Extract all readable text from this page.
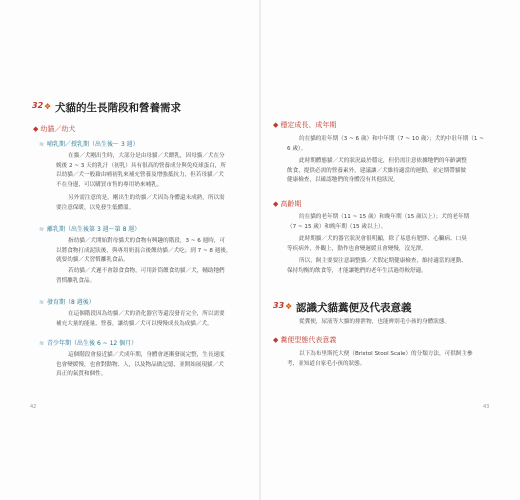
32 ❖ 犬貓的生長階段和營養需求
◆ 幼貓／幼犬
≋ 哺乳期／授乳期（出生後～ 3 週）
在貓／犬剛出生時，大部分是由母貓／犬餵乳，因母貓／犬在分
娩後 2 ~ 3 天的乳汁（初乳）具有很高的營養成分與免疫球蛋白，所
以幼貓／犬一般藉由哺初乳來補充營養及增強抵抗力，但若母貓／犬
不在身邊，可以購買市售的專用奶來哺乳。
另外需注意的是，剛出生的幼貓／犬因為身體還未成熟，所以需
要注意保暖，以免發生低體溫。
≋ 離乳期（出生後第 3 週～第 8 週）
指幼貓／犬開始對母貓犬的食物有興趣的階段，3 ~ 6 週時，可
以將食物打成泥狀後，與專用奶混合後餵幼貓／犬吃；到 7 ~ 8 週後，
就要幼貓／犬習慣離乳食品。
若幼貓／犬遲不會舔食食物，可用針筒餵食幼貓／犬，輔助牠們
習慣離乳食品。
≋ 發育期（8 週後）
在這個階段因為幼貓／犬的消化器官等還沒發育完全，所以需要
補充大量的能量、營養，讓幼貓／犬可以慢慢成長為成貓／犬。
≋ 青少年期（出生後 6 ~ 12 個月）
這個階段會接近貓／犬成年期，身體會逐漸發展完整，生長速度
也會變緩慢，也會對動物、人，以及物品做記憶，並開始展現貓／犬
真正的氣質和個性。
42
◆ 穩定成長、成年期
約在貓的壯年期（3 ~ 6 歲）和中年期（7 ~ 10 歲）；犬的中壯年期（1 ~
6 歲）。
此時期體態貓／犬的狀況最於穩定，但仍需注意依據牠們的年齡調整
飲食，提供必需的營養素外，建議讓／犬維持適當的運動，並定期帶貓做
健康檢查，以確認牠們的身體沒有其他狀況。
◆ 高齡期
約在貓的老年期（11 ~ 15 歲）和晚年期（15 歲以上）；犬的老年期
（7 ~ 15 歲）和晚年期（15 歲以上）。
此時期貓／犬的器官狀況會很明顯，除了易患有肥胖、心臟病、口臭
等疾病外，外觀上，動作也會變遲緩且會變慢，沒光澤。
所以，飼主要要注意調整貓／犬假定期健康檢查，維持適當的運動、
保持均衡的飲食等，才能讓牠們的老年生活過得較舒適。
33 ❖ 認識犬貓糞便及代表意義
從糞便，尿液等大貓的排泄物，也能辨別毛小孩的身體狀態。
◆ 糞便型態代表意義
以下為布里斯托大便（Bristol Stool Scale）的分類方法，可供飼主參
考，並知道自家毛小孩的狀態。
43
